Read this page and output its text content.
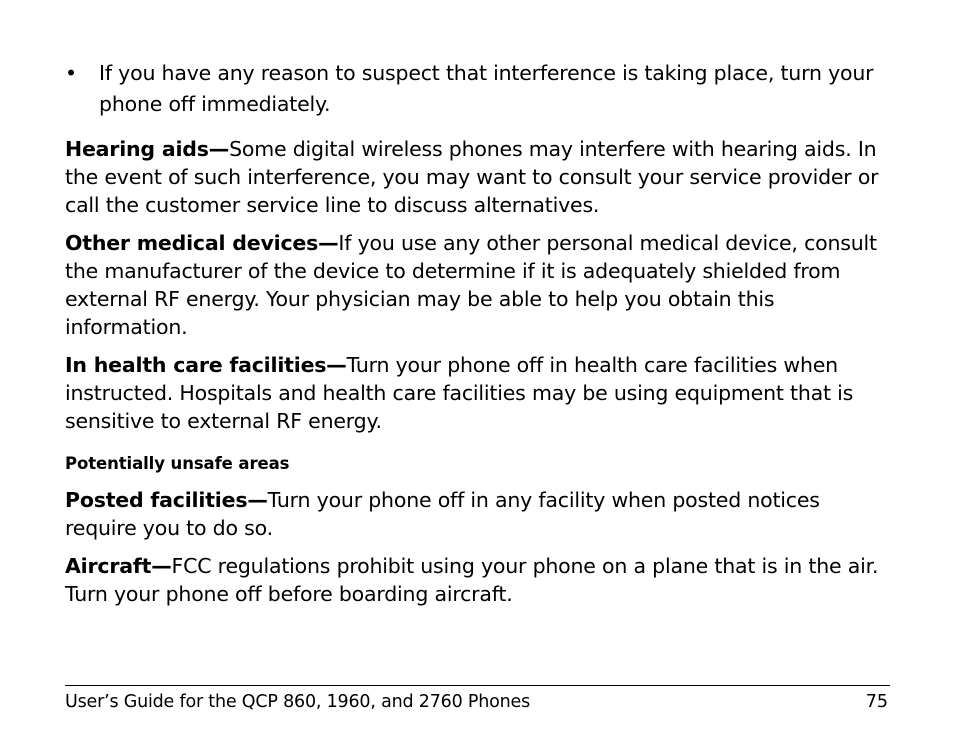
• If you have any reason to suspect that interference is taking place, turn your phone off immediately.

Hearing aids—Some digital wireless phones may interfere with hearing aids. In the event of such interference, you may want to consult your service provider or call the customer service line to discuss alternatives.

Other medical devices—If you use any other personal medical device, consult the manufacturer of the device to determine if it is adequately shielded from external RF energy. Your physician may be able to help you obtain this information.

In health care facilities—Turn your phone off in health care facilities when instructed. Hospitals and health care facilities may be using equipment that is sensitive to external RF energy.

Potentially unsafe areas

Posted facilities—Turn your phone off in any facility when posted notices require you to do so.

Aircraft—FCC regulations prohibit using your phone on a plane that is in the air. Turn your phone off before boarding aircraft.

User’s Guide for the QCP 860, 1960, and 2760 Phones	75
